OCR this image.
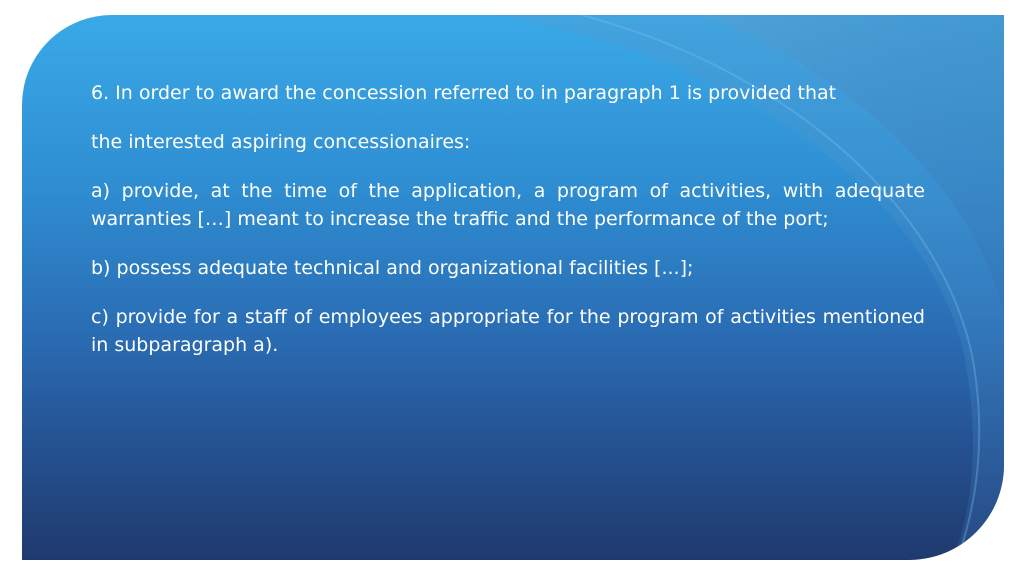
6. In order to award the concession referred to in paragraph 1 is provided that

the interested aspiring concessionaires:

a) provide, at the time of the application, a program of activities, with adequate warranties […] meant to increase the traffic and the performance of the port;

b) possess adequate technical and organizational facilities [...];

c) provide for a staff of employees appropriate for the program of activities mentioned in subparagraph a).
